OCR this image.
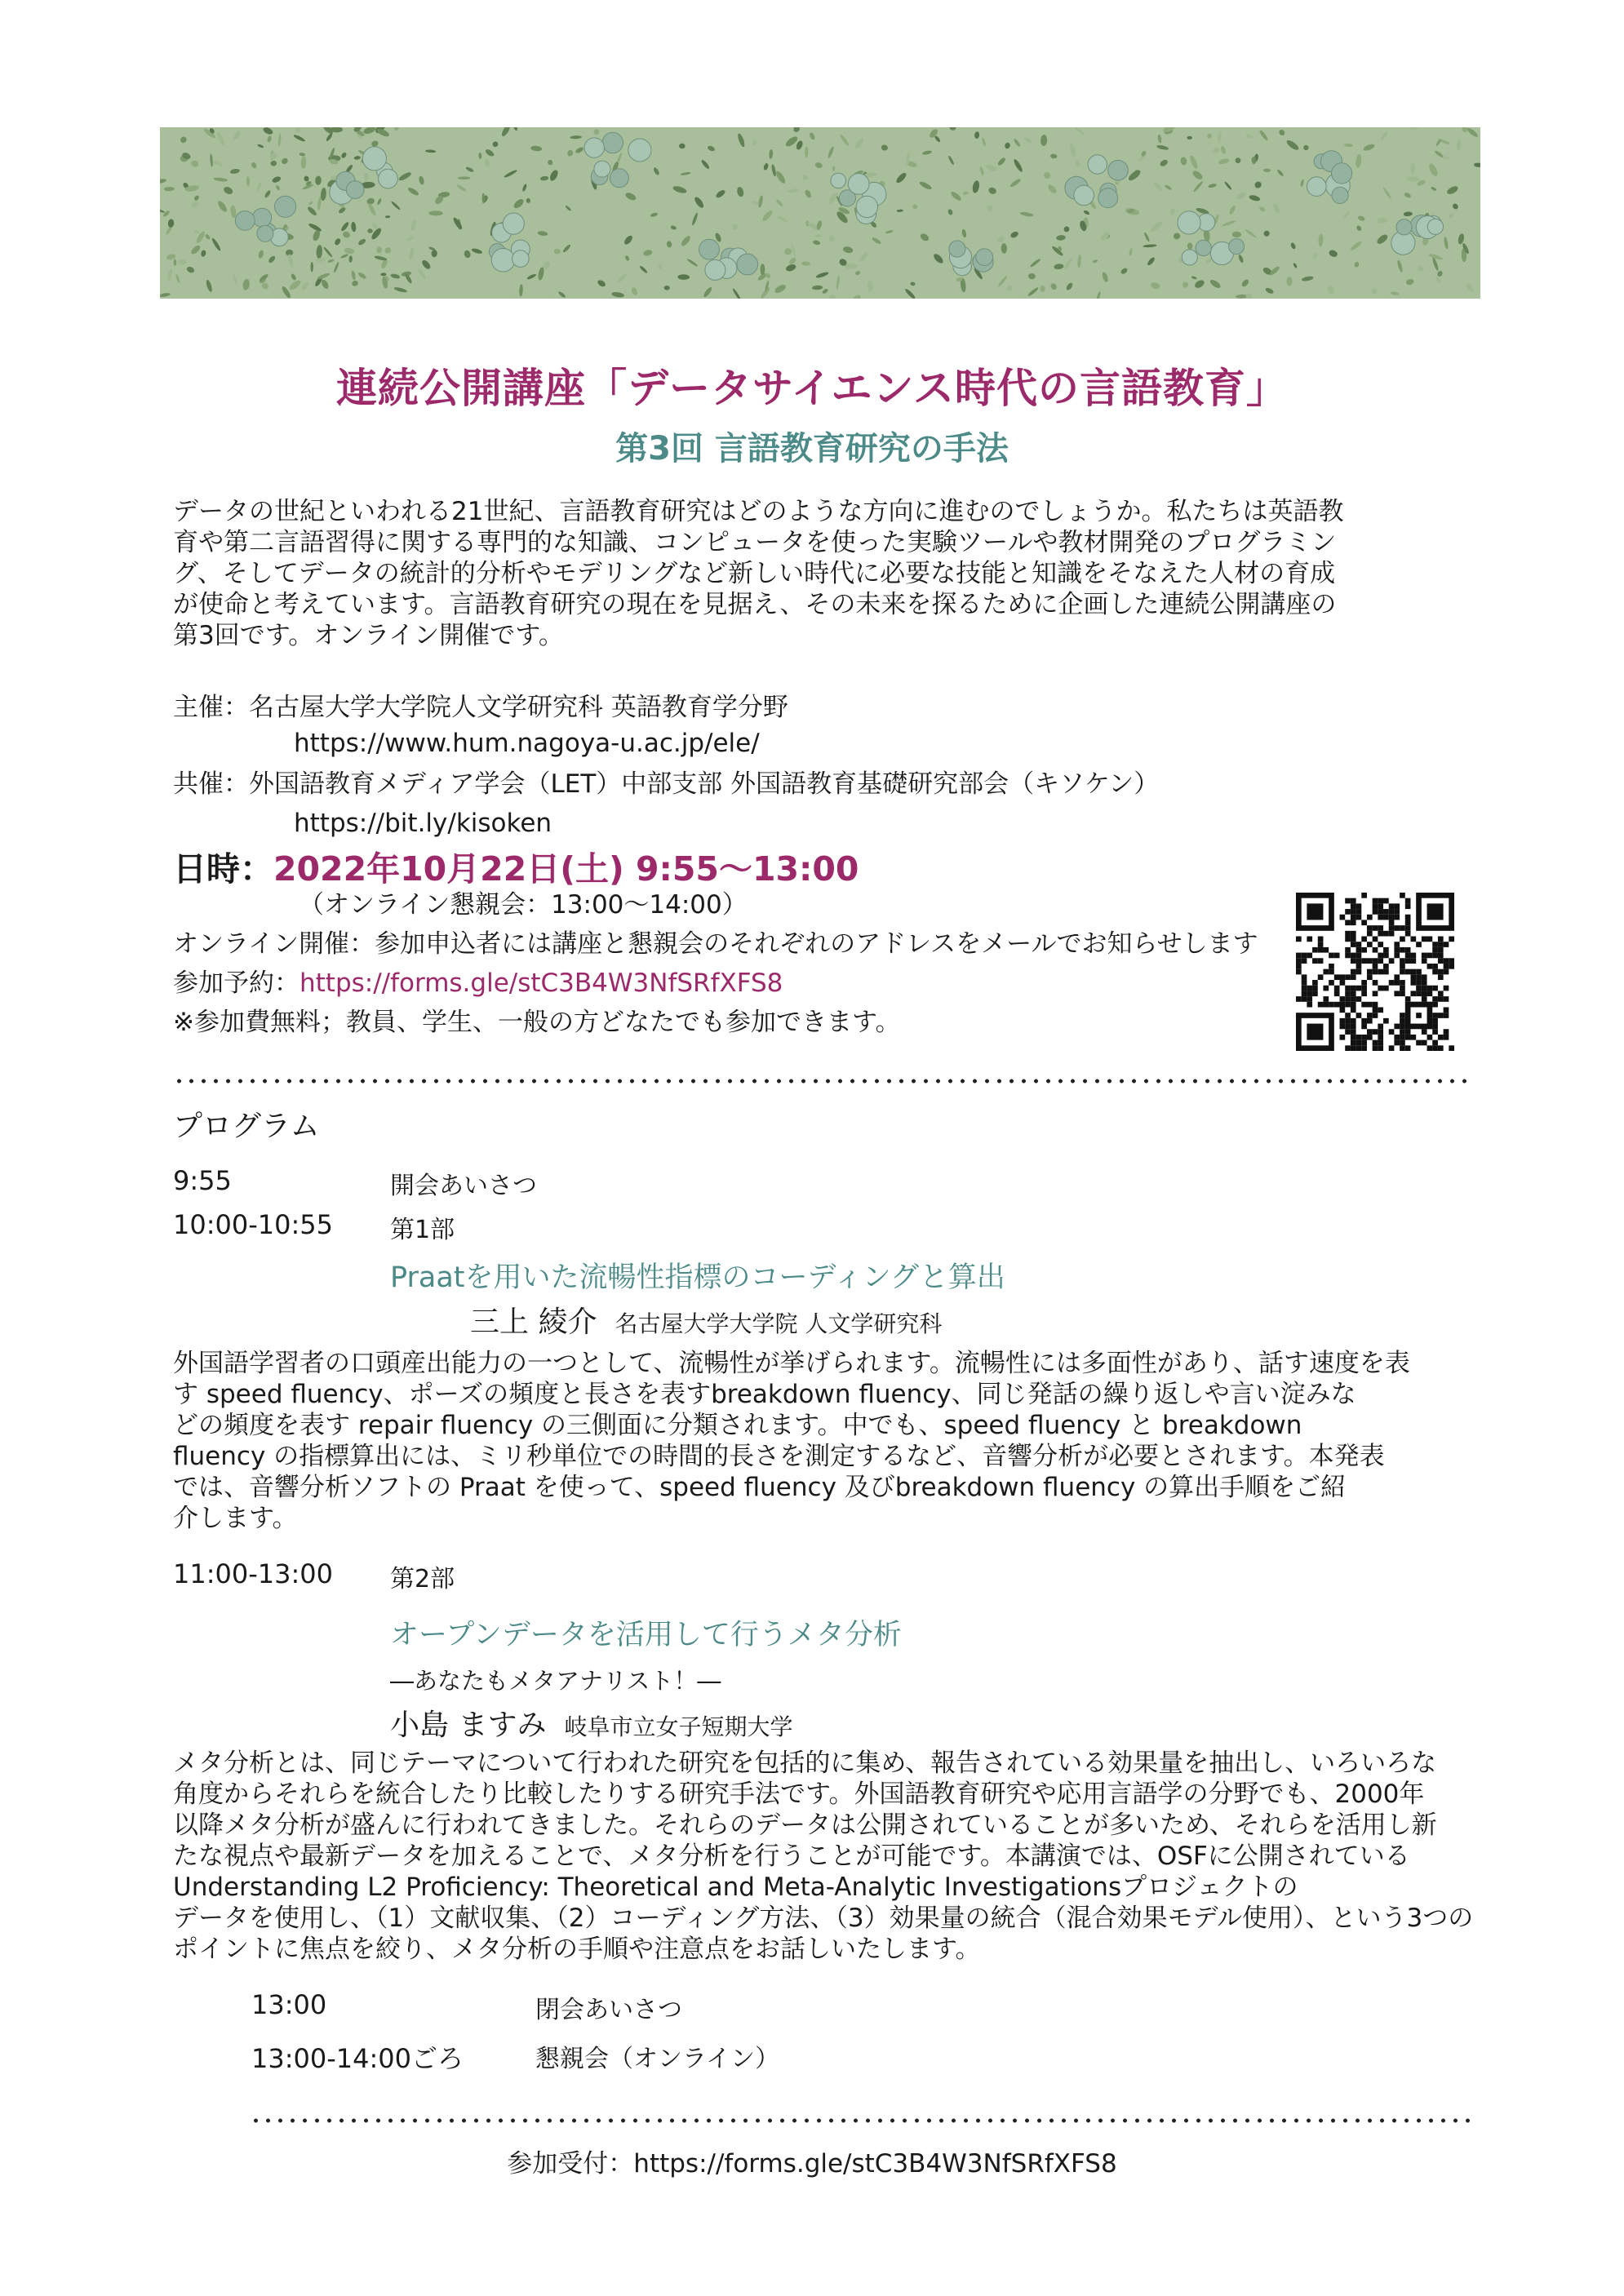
連続公開講座「データサイエンス時代の言語教育」
第3回 言語教育研究の手法
データの世紀といわれる21世紀、言語教育研究はどのような方向に進むのでしょうか。私たちは英語教
育や第二言語習得に関する専門的な知識、コンピュータを使った実験ツールや教材開発のプログラミン
グ、そしてデータの統計的分析やモデリングなど新しい時代に必要な技能と知識をそなえた人材の育成
が使命と考えています。言語教育研究の現在を見据え、その未来を探るために企画した連続公開講座の
第3回です。オンライン開催です。
主催：名古屋大学大学院人文学研究科 英語教育学分野
https://www.hum.nagoya-u.ac.jp/ele/
共催：外国語教育メディア学会（LET）中部支部 外国語教育基礎研究部会（キソケン）
https://bit.ly/kisoken
日時：2022年10月22日(土) 9:55～13:00
（オンライン懇親会：13:00～14:00）
オンライン開催：参加申込者には講座と懇親会のそれぞれのアドレスをメールでお知らせします
参加予約：https://forms.gle/stC3B4W3NfSRfXFS8
※参加費無料；教員、学生、一般の方どなたでも参加できます。
プログラム
9:55	開会あいさつ
10:00-10:55 第1部
Praatを用いた流暢性指標のコーディングと算出
三上 綾介 名古屋大学大学院 人文学研究科
外国語学習者の口頭産出能力の一つとして、流暢性が挙げられます。流暢性には多面性があり、話す速度を表
す speed fluency、ポーズの頻度と長さを表すbreakdown fluency、同じ発話の繰り返しや言い淀みな
どの頻度を表す repair fluency の三側面に分類されます。中でも、speed fluency と breakdown
fluency の指標算出には、ミリ秒単位での時間的長さを測定するなど、音響分析が必要とされます。本発表
では、音響分析ソフトの Praat を使って、speed fluency 及びbreakdown fluency の算出手順をご紹
介します。
11:00-13:00 第2部
オープンデータを活用して行うメタ分析
―あなたもメタアナリスト！―
小島 ますみ 岐阜市立女子短期大学
メタ分析とは、同じテーマについて行われた研究を包括的に集め、報告されている効果量を抽出し、いろいろな
角度からそれらを統合したり比較したりする研究手法です。外国語教育研究や応用言語学の分野でも、2000年
以降メタ分析が盛んに行われてきました。それらのデータは公開されていることが多いため、それらを活用し新
たな視点や最新データを加えることで、メタ分析を行うことが可能です。本講演では、OSFに公開されている
Understanding L2 Proficiency: Theoretical and Meta-Analytic Investigationsプロジェクトの
データを使用し、（1）文献収集、（2）コーディング方法、（3）効果量の統合（混合効果モデル使用）、という3つの
ポイントに焦点を絞り、メタ分析の手順や注意点をお話しいたします。
13:00	閉会あいさつ
13:00-14:00ごろ	懇親会（オンライン）
参加受付：https://forms.gle/stC3B4W3NfSRfXFS8
